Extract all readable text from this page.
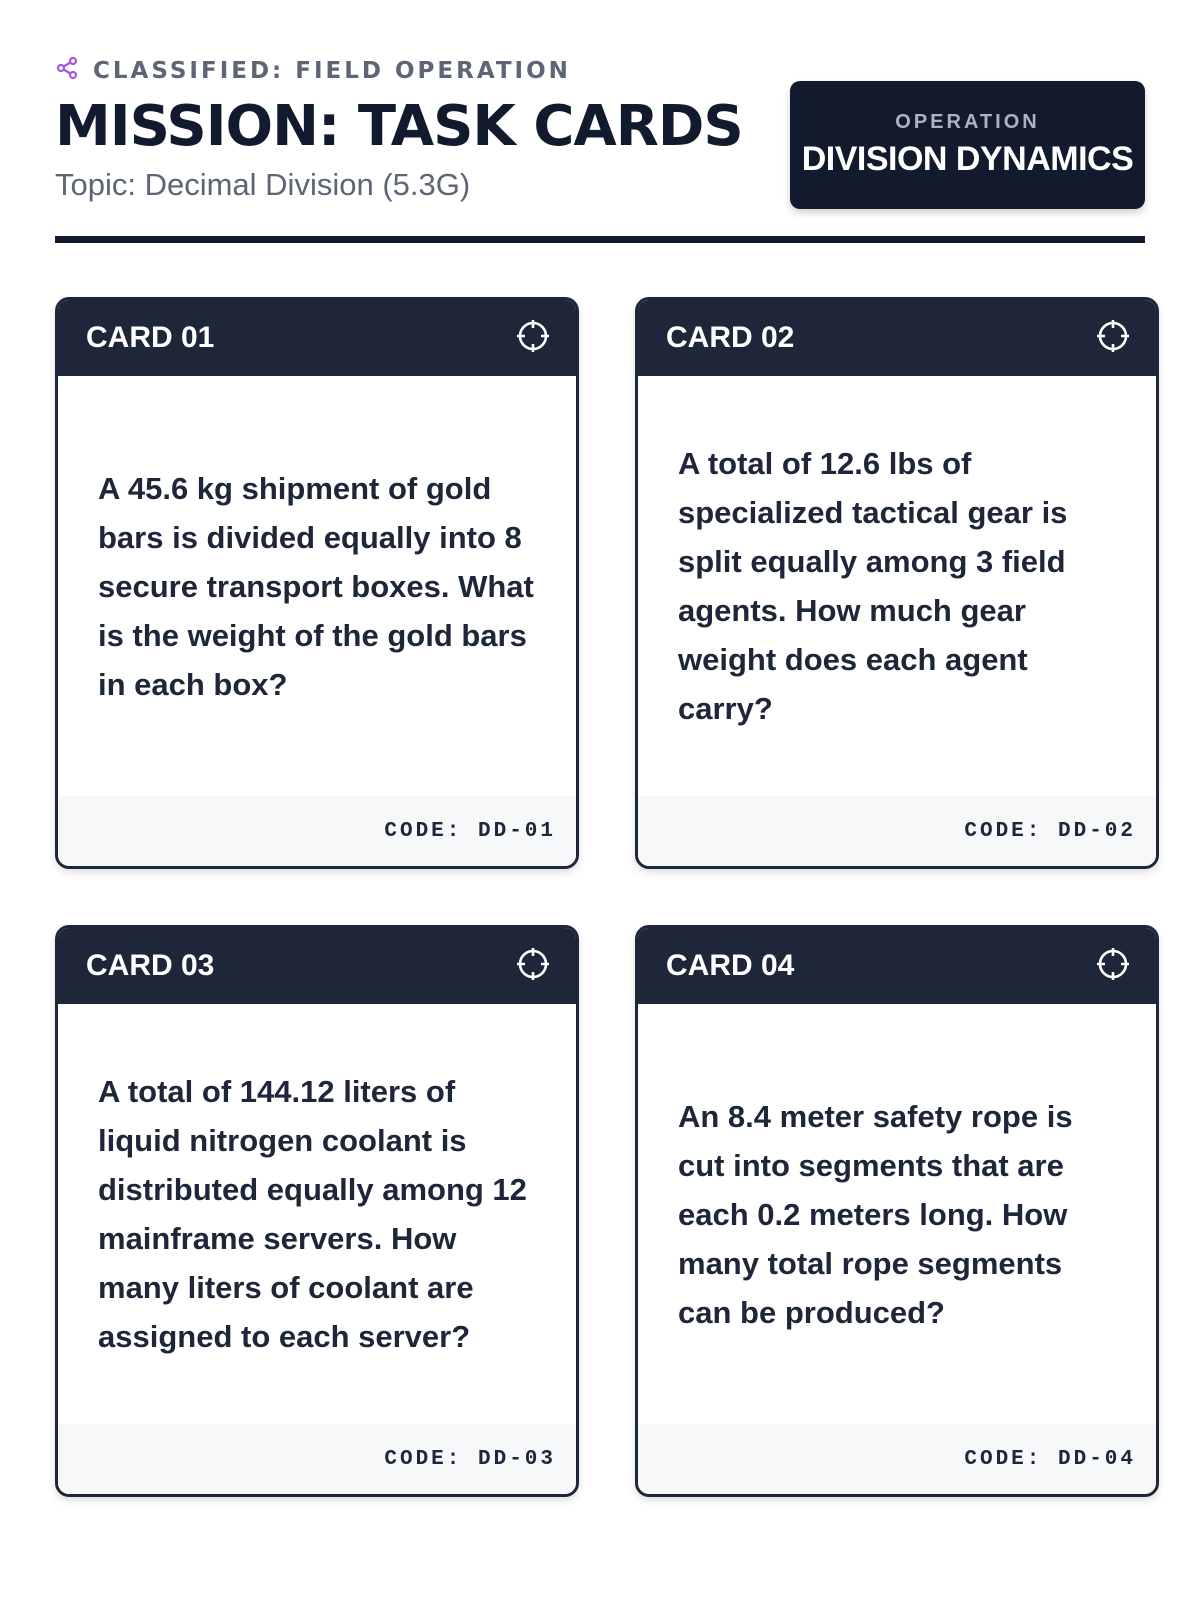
CLASSIFIED: FIELD OPERATION
MISSION: TASK CARDS
Topic: Decimal Division (5.3G)
OPERATION
DIVISION DYNAMICS
CARD 01

A 45.6 kg shipment of gold bars is divided equally into 8 secure transport boxes. What is the weight of the gold bars in each box?

CODE: DD-01
CARD 02

A total of 12.6 lbs of specialized tactical gear is split equally among 3 field agents. How much gear weight does each agent carry?

CODE: DD-02
CARD 03

A total of 144.12 liters of liquid nitrogen coolant is distributed equally among 12 mainframe servers. How many liters of coolant are assigned to each server?

CODE: DD-03
CARD 04

An 8.4 meter safety rope is cut into segments that are each 0.2 meters long. How many total rope segments can be produced?

CODE: DD-04
